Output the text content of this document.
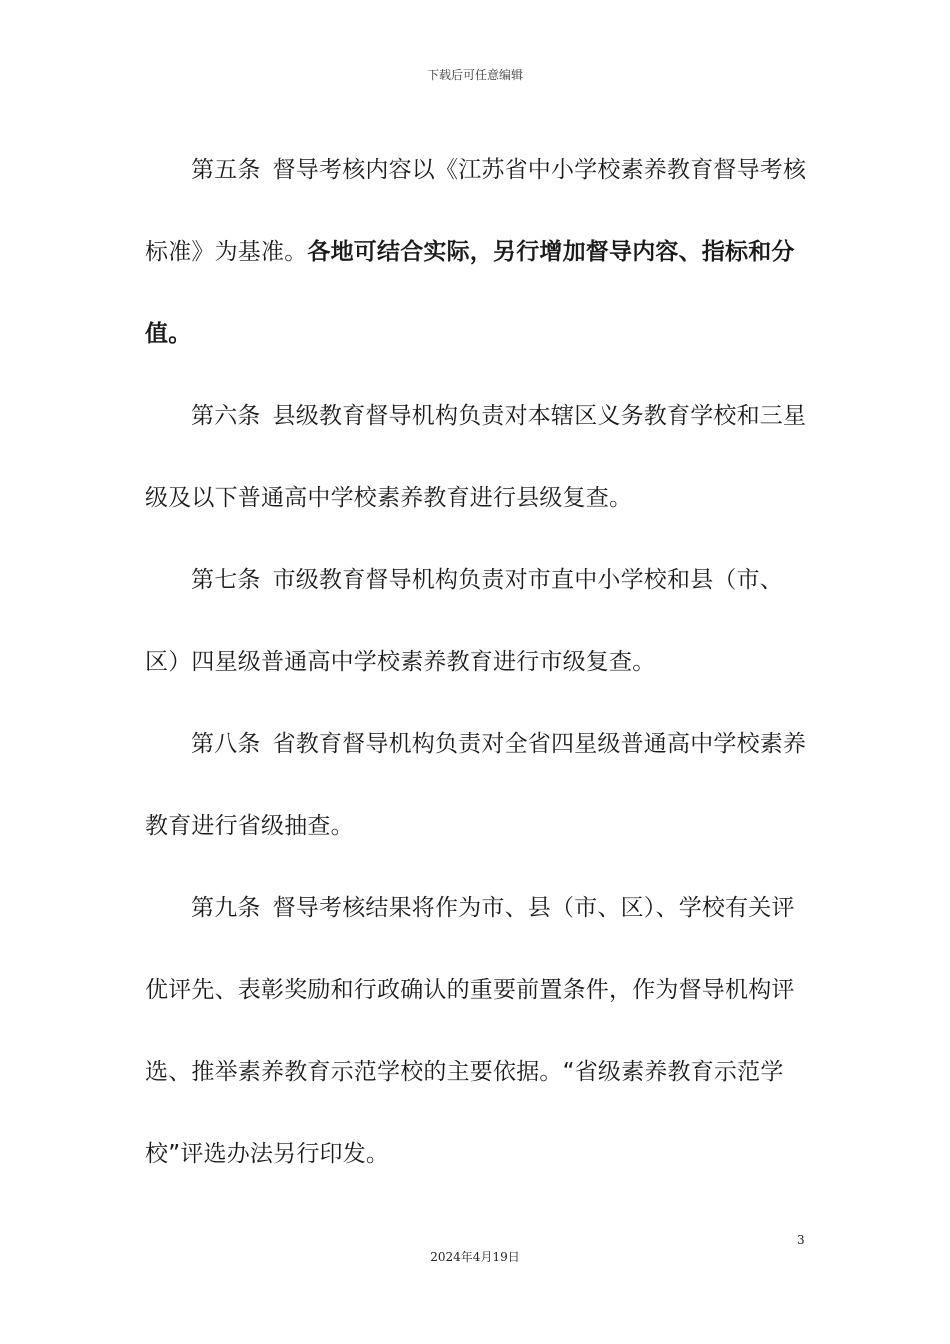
下载后可任意编辑

第五条 督导考核内容以《江苏省中小学校素养教育督导考核标准》为基准。各地可结合实际，另行增加督导内容、指标和分值。

第六条 县级教育督导机构负责对本辖区义务教育学校和三星级及以下普通高中学校素养教育进行县级复查。

第七条 市级教育督导机构负责对市直中小学校和县（市、区）四星级普通高中学校素养教育进行市级复查。

第八条 省教育督导机构负责对全省四星级普通高中学校素养教育进行省级抽查。

第九条 督导考核结果将作为市、县（市、区）、学校有关评优评先、表彰奖励和行政确认的重要前置条件，作为督导机构评选、推举素养教育示范学校的主要依据。“省级素养教育示范学校”评选办法另行印发。

3
2024年4月19日
